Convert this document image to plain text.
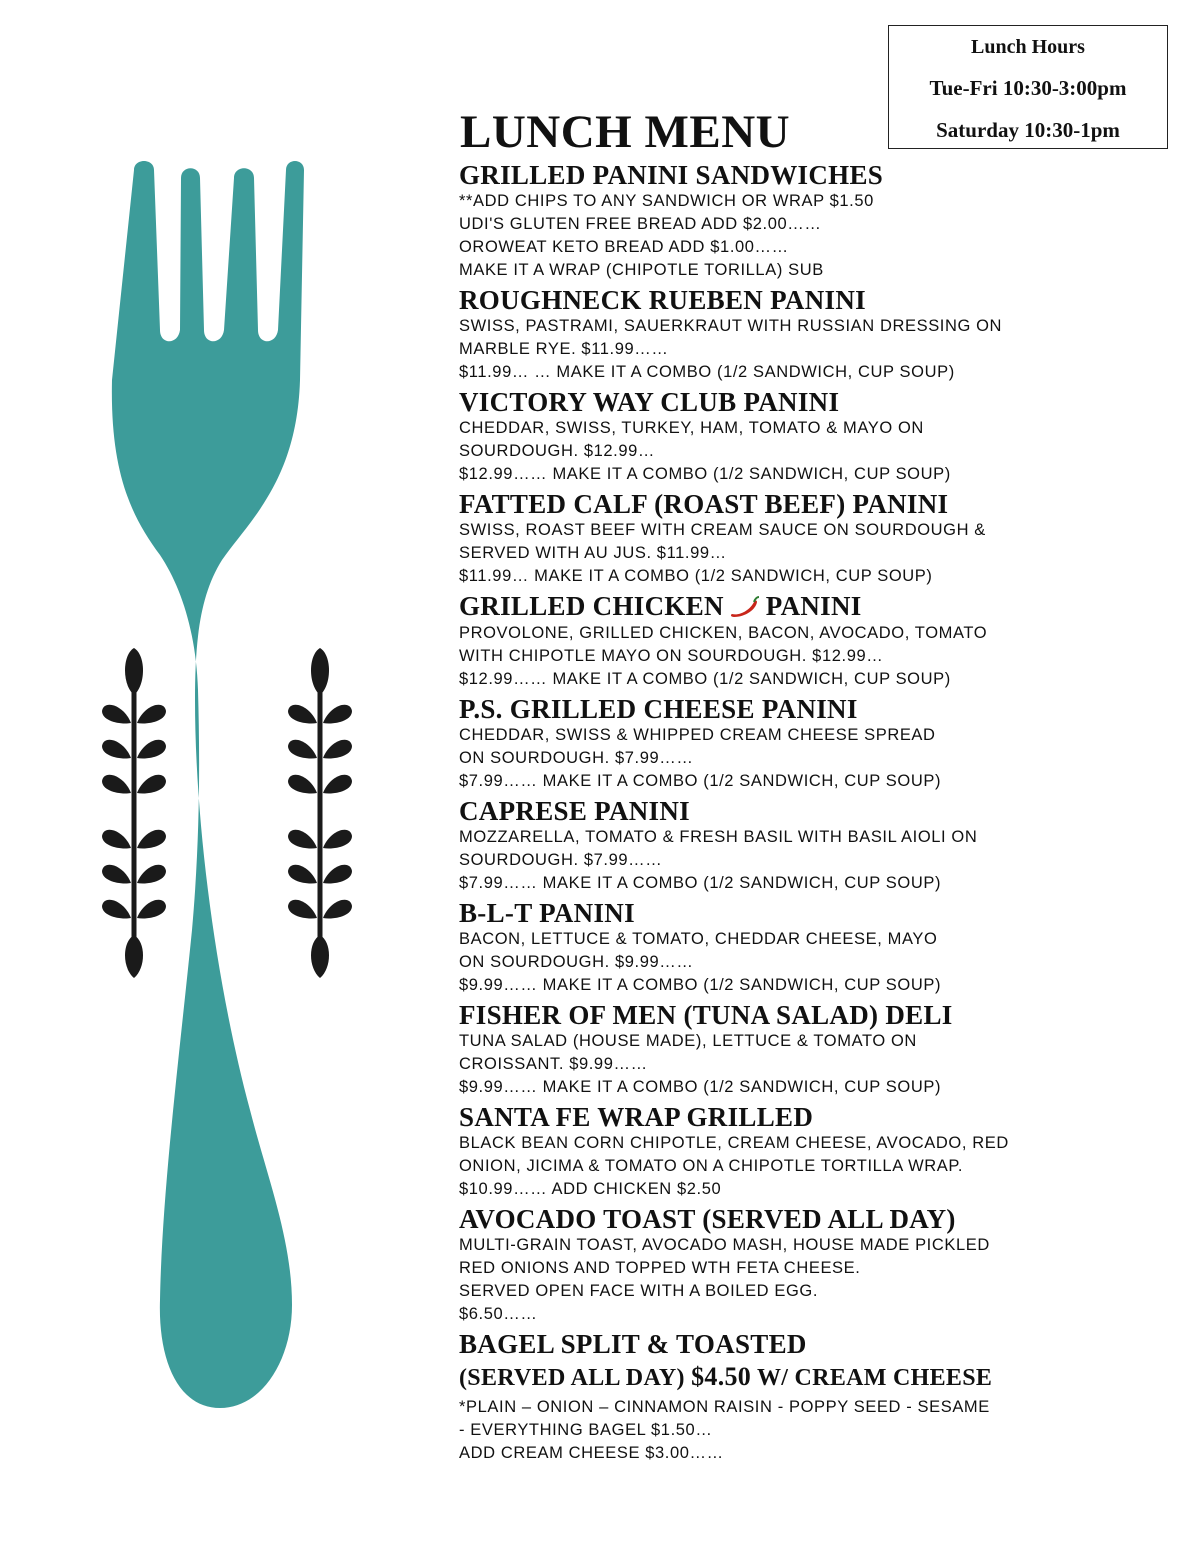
Lunch Hours
Tue-Fri 10:30-3:00pm
Saturday 10:30-1pm
LUNCH MENU
GRILLED PANINI SANDWICHES
**ADD CHIPS TO ANY SANDWICH OR WRAP $1.50
UDI'S GLUTEN FREE BREAD ADD $2.00……
OROWEAT KETO BREAD ADD $1.00……
MAKE IT A WRAP (CHIPOTLE TORILLA) SUB
ROUGHNECK RUEBEN PANINI
SWISS, PASTRAMI, SAUERKRAUT WITH RUSSIAN DRESSING ON
MARBLE RYE. $11.99……
$11.99… … MAKE IT A COMBO (1/2 SANDWICH, CUP SOUP)
VICTORY WAY CLUB PANINI
CHEDDAR, SWISS, TURKEY, HAM, TOMATO & MAYO ON
SOURDOUGH. $12.99…
$12.99…… MAKE IT A COMBO (1/2 SANDWICH, CUP SOUP)
FATTED CALF (ROAST BEEF) PANINI
SWISS, ROAST BEEF WITH CREAM SAUCE ON SOURDOUGH &
SERVED WITH AU JUS. $11.99…
$11.99… MAKE IT A COMBO (1/2 SANDWICH, CUP SOUP)
GRILLED CHICKEN PANINI
PROVOLONE, GRILLED CHICKEN, BACON, AVOCADO, TOMATO
WITH CHIPOTLE MAYO ON SOURDOUGH. $12.99…
$12.99…… MAKE IT A COMBO (1/2 SANDWICH, CUP SOUP)
P.S. GRILLED CHEESE PANINI
CHEDDAR, SWISS & WHIPPED CREAM CHEESE SPREAD
ON SOURDOUGH. $7.99……
$7.99…… MAKE IT A COMBO (1/2 SANDWICH, CUP SOUP)
CAPRESE PANINI
MOZZARELLA, TOMATO & FRESH BASIL WITH BASIL AIOLI ON
SOURDOUGH. $7.99……
$7.99…… MAKE IT A COMBO (1/2 SANDWICH, CUP SOUP)
B-L-T PANINI
BACON, LETTUCE & TOMATO, CHEDDAR CHEESE, MAYO
ON SOURDOUGH. $9.99……
$9.99…… MAKE IT A COMBO (1/2 SANDWICH, CUP SOUP)
FISHER OF MEN (TUNA SALAD) DELI
TUNA SALAD (HOUSE MADE), LETTUCE & TOMATO ON
CROISSANT. $9.99……
$9.99…… MAKE IT A COMBO (1/2 SANDWICH, CUP SOUP)
SANTA FE WRAP GRILLED
BLACK BEAN CORN CHIPOTLE, CREAM CHEESE, AVOCADO, RED
ONION, JICIMA & TOMATO ON A CHIPOTLE TORTILLA WRAP.
$10.99…… ADD CHICKEN $2.50
AVOCADO TOAST (SERVED ALL DAY)
MULTI-GRAIN TOAST, AVOCADO MASH, HOUSE MADE PICKLED
RED ONIONS AND TOPPED WTH FETA CHEESE.
SERVED OPEN FACE WITH A BOILED EGG.
$6.50……
BAGEL SPLIT & TOASTED
(SERVED ALL DAY) $4.50 W/ CREAM CHEESE
*PLAIN – ONION – CINNAMON RAISIN - POPPY SEED - SESAME
- EVERYTHING BAGEL $1.50…
ADD CREAM CHEESE $3.00……
